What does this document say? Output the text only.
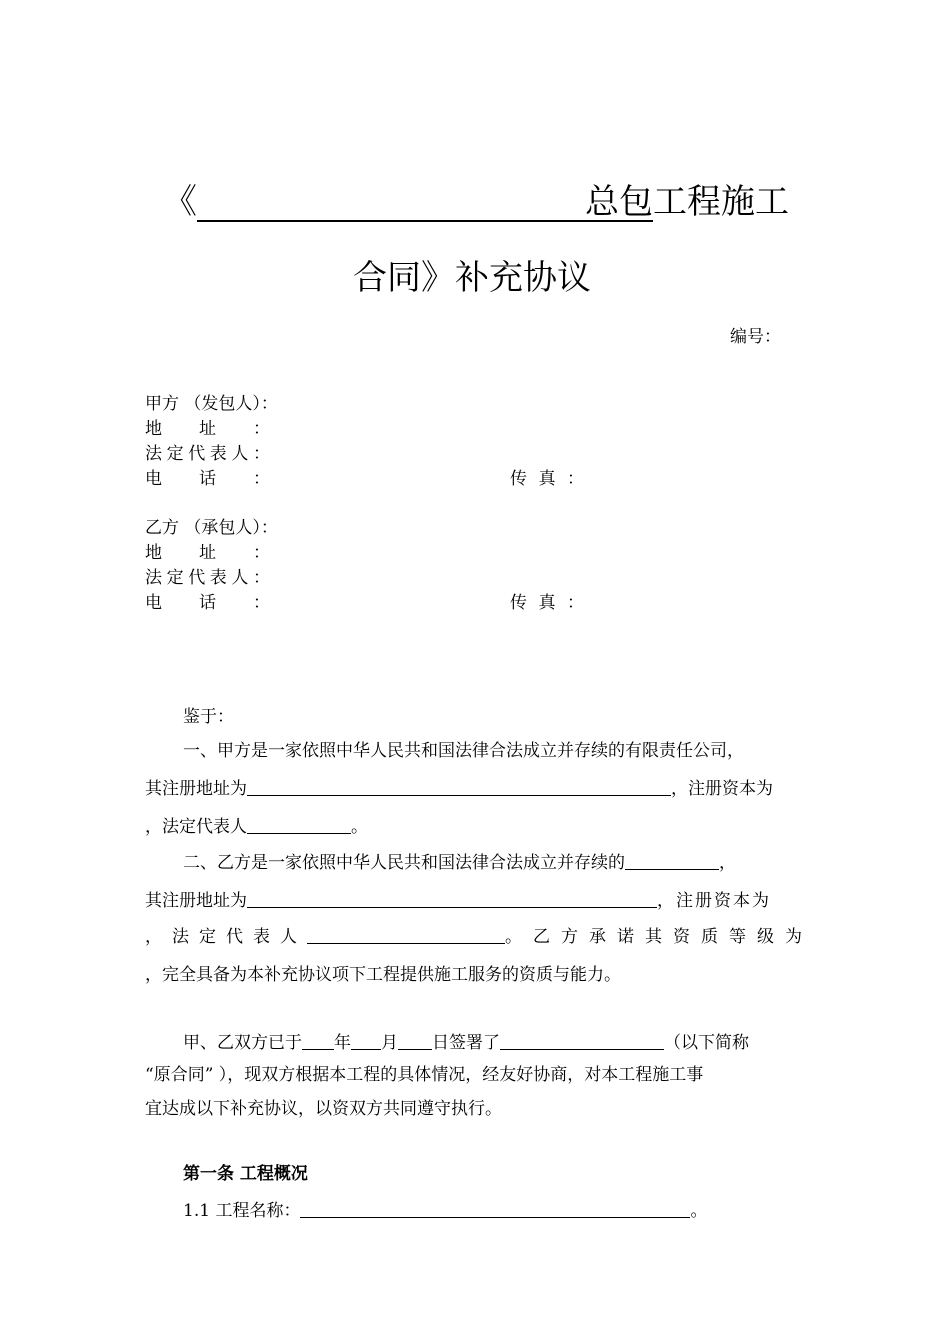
《	总包工程施工
合同》补充协议
编号：
甲方 （发包人）：
地址：
法定代表人：
电话：	传真：
乙方 （承包人）：
地址：
法定代表人：
电话：	传真：
鉴于：
一、甲方是一家依照中华人民共和国法律合法成立并存续的有限责任公司，
其注册地址为	，注册资本为
，法定代表人	。
二、乙方是一家依照中华人民共和国法律合法成立并存续的	，
其注册地址为	，注册资本为
，法定代表人	。乙方承诺其资质等级为
，完全具备为本补充协议项下工程提供施工服务的资质与能力。
甲、乙双方已于 年 月 日签署了	（以下简称
“原合同” ），现双方根据本工程的具体情况，经友好协商，对本工程施工事
宜达成以下补充协议，以资双方共同遵守执行。
第一条 工程概况
1.1 工程名称：	。
